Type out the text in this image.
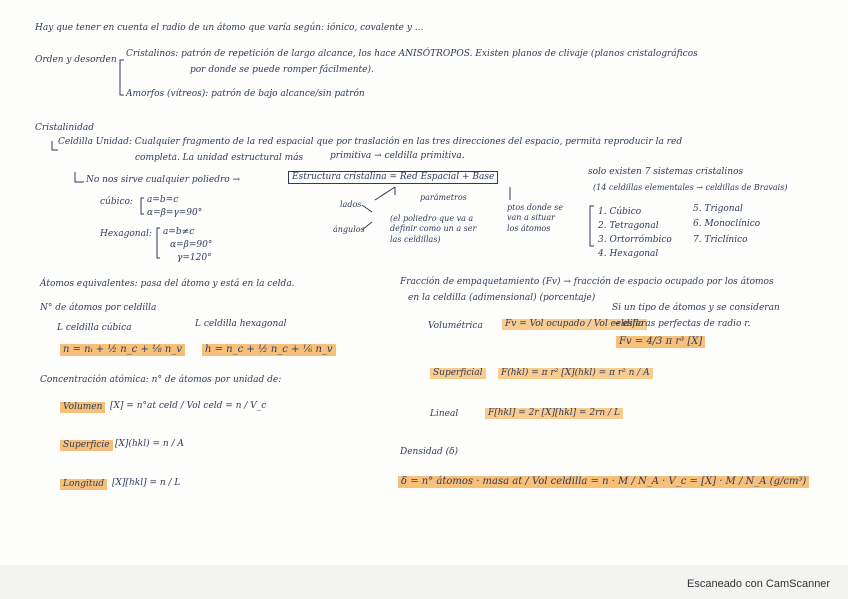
Hay que tener en cuenta el radio de un átomo que varía según: iónico, covalente y ...
Orden y desorden
Cristalinos: patrón de repetición de largo alcance, los hace ANISÓTROPOS. Existen planos de clivaje (planos cristalográficos
por donde se puede romper fácilmente).
Amorfos (vítreos): patrón de bajo alcance/sin patrón
Cristalinidad
Celdilla Unidad: Cualquier fragmento de la red espacial que por traslación en las tres direcciones del espacio, permita reproducir la red
completa. La unidad estructural más	primitiva → celdilla primitiva.
No nos sirve cualquier poliedro →	Estructura cristalina = Red Espacial + Base	solo existen 7 sistemas cristalinos
(14 celdillas elementales → celdillas de Bravais)
cúbico: a=b=c
α=β=γ=90°
Hexagonal: a=b≠c
α=β=90°
γ=120°
lados
parámetros
ángulos
(el poliedro que va a definir como un a ser las celdillas)
ptos donde se van a situar los átomos
1. Cúbico
2. Tetragonal
3. Ortorrómbico
4. Hexagonal
5. Trigonal
6. Monoclínico
7. Triclínico
Átomos equivalentes: pasa del átomo y está en la celda.
N° de átomos por celdilla
L celdilla cúbica	L celdilla hexagonal
n = nᵢ + ½ n_c + ⅛ n_v	h = n_c + ½ n_c + ⅙ n_v
Concentración atómica: n° de átomos por unidad de:
Volumen [X] = n°at celd / Vol celd = n / V_c
Superficie [X](hkl) = n / A
Longitud [X][hkl] = n / L
Fracción de empaquetamiento (Fv) → fracción de espacio ocupado por los átomos
en la celdilla (adimensional) (porcentaje)
Volumétrica	Fv = Vol ocupado / Vol celdilla
Si un tipo de átomos y se consideran
→ esferas perfectas de radio r.
Fv = 4/3 π r³ [X]
Superficial	F(hkl) = π r² [X](hkl) = π r² n / A
Lineal	F[hkl] = 2r [X][hkl] = 2rn / L
Densidad (δ)
δ = n° átomos · masa at / Vol celdilla = n · M / N_A · V_c = [X] · M / N_A (g/cm³)
Escaneado con CamScanner
